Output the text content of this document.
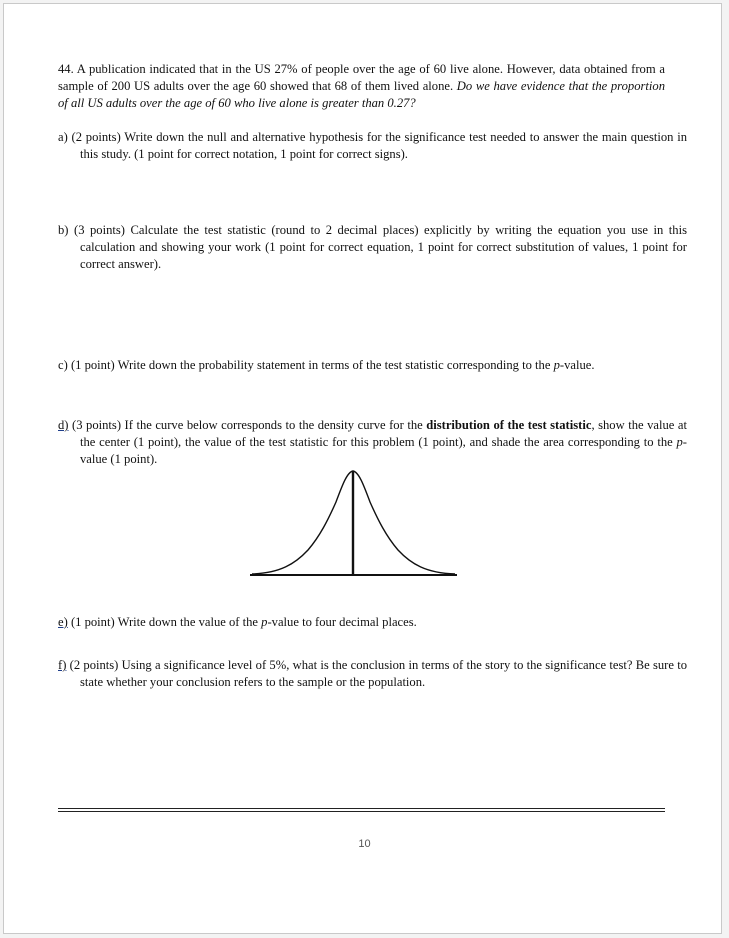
44. A publication indicated that in the US 27% of people over the age of 60 live alone. However, data obtained from a sample of 200 US adults over the age 60 showed that 68 of them lived alone. Do we have evidence that the proportion of all US adults over the age of 60 who live alone is greater than 0.27?
a) (2 points) Write down the null and alternative hypothesis for the significance test needed to answer the main question in this study. (1 point for correct notation, 1 point for correct signs).
b) (3 points) Calculate the test statistic (round to 2 decimal places) explicitly by writing the equation you use in this calculation and showing your work (1 point for correct equation, 1 point for correct substitution of values, 1 point for correct answer).
c) (1 point) Write down the probability statement in terms of the test statistic corresponding to the p-value.
d) (3 points) If the curve below corresponds to the density curve for the distribution of the test statistic, show the value at the center (1 point), the value of the test statistic for this problem (1 point), and shade the area corresponding to the p-value (1 point).
e) (1 point) Write down the value of the p-value to four decimal places.
f) (2 points) Using a significance level of 5%, what is the conclusion in terms of the story to the significance test? Be sure to state whether your conclusion refers to the sample or the population.
10
